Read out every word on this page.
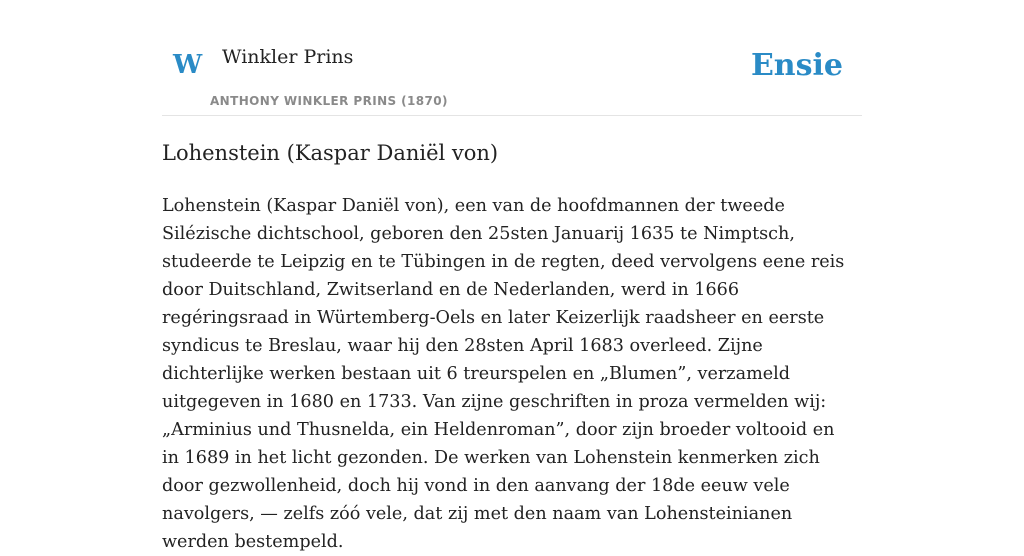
W Winkler Prins
ANTHONY WINKLER PRINS (1870)
Ensie
Lohenstein (Kaspar Daniël von)

Lohenstein (Kaspar Daniël von), een van de hoofdmannen der tweede Silézische dichtschool, geboren den 25sten Januarij 1635 te Nimptsch, studeerde te Leipzig en te Tübingen in de regten, deed vervolgens eene reis door Duitschland, Zwitserland en de Nederlanden, werd in 1666 regéringsraad in Würtemberg-Oels en later Keizerlijk raadsheer en eerste syndicus te Breslau, waar hij den 28sten April 1683 overleed. Zijne dichterlijke werken bestaan uit 6 treurspelen en „Blumen”, verzameld uitgegeven in 1680 en 1733. Van zijne geschriften in proza vermelden wij: „Arminius und Thusnelda, ein Heldenroman”, door zijn broeder voltooid en in 1689 in het licht gezonden. De werken van Lohenstein kenmerken zich door gezwollenheid, doch hij vond in den aanvang der 18de eeuw vele navolgers, — zelfs zóó vele, dat zij met den naam van Lohensteinianen werden bestempeld.
